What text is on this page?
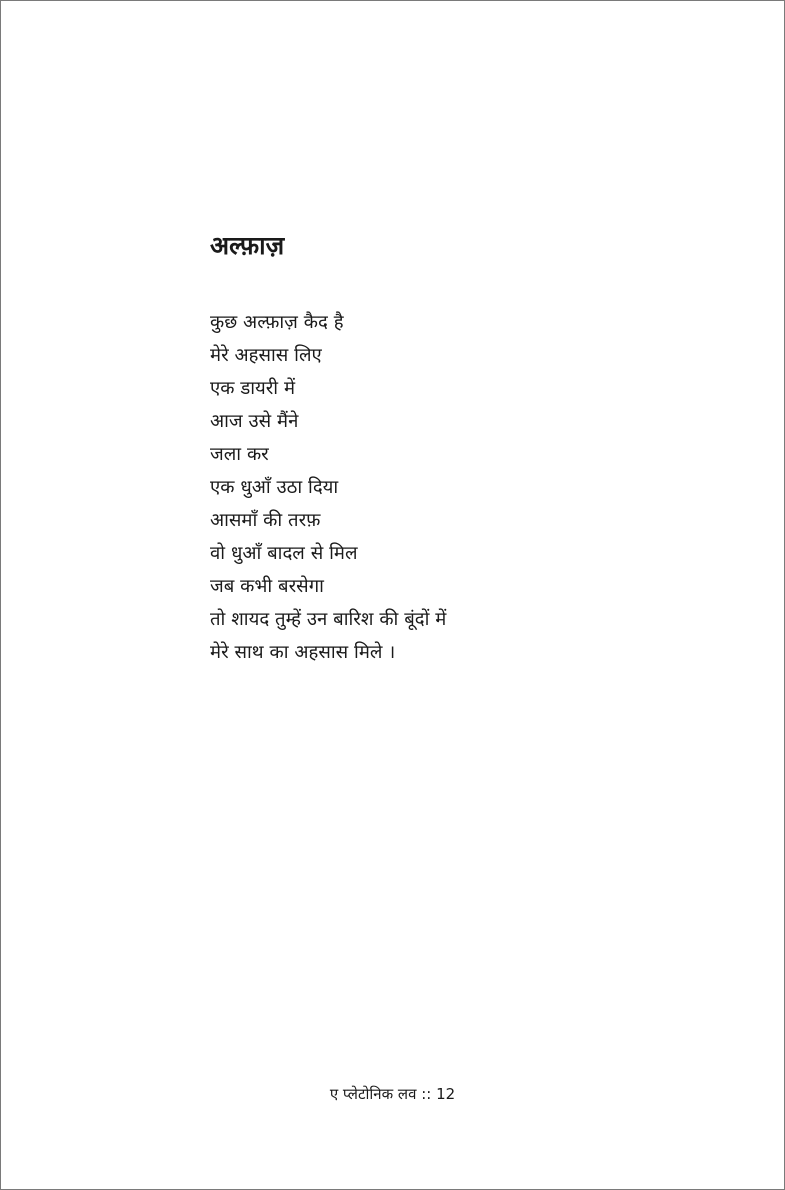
अल्फ़ाज़
कुछ अल्फ़ाज़ कैद है
मेरे अहसास लिए
एक डायरी में
आज उसे मैंने
जला कर
एक धुआँ उठा दिया
आसमाँ की तरफ़
वो धुआँ बादल से मिल
जब कभी बरसेगा
तो शायद तुम्हें उन बारिश की बूंदों में
मेरे साथ का अहसास मिले ।
ए प्लेटोनिक लव :: 12
